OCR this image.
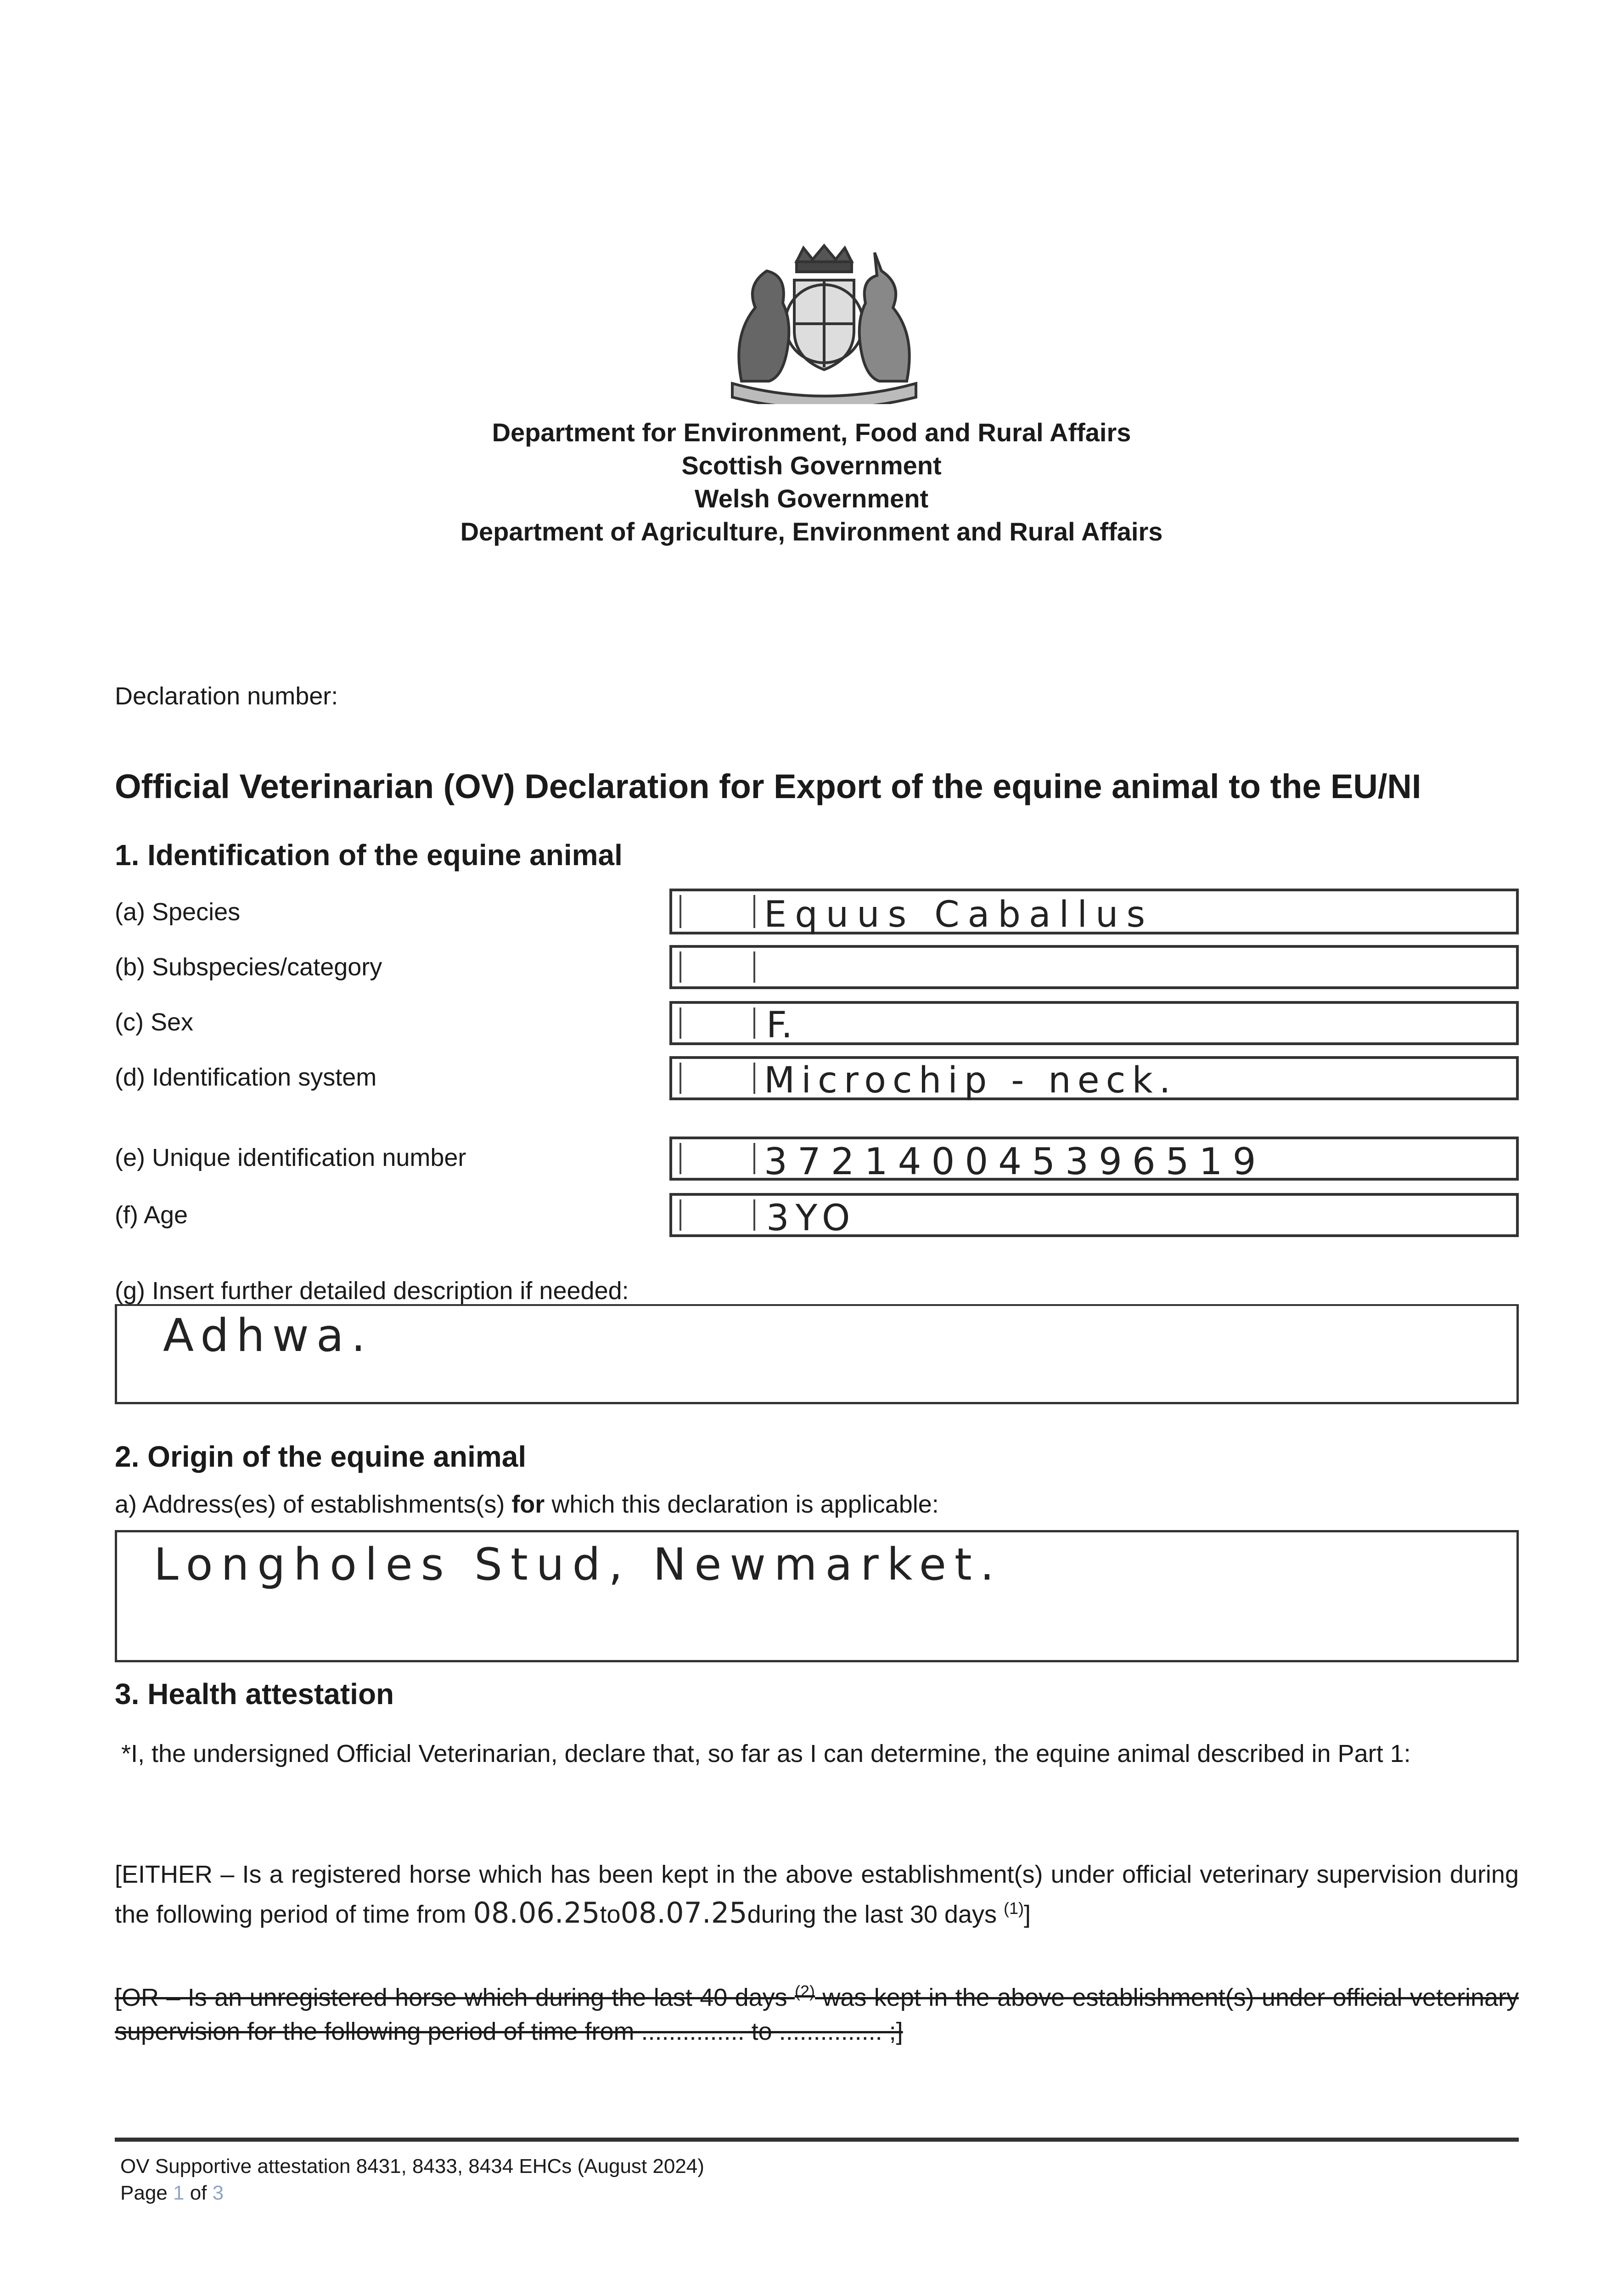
Department for Environment, Food and Rural Affairs
Scottish Government
Welsh Government
Department of Agriculture, Environment and Rural Affairs
Declaration number:
Official Veterinarian (OV) Declaration for Export of the equine animal to the EU/NI
1. Identification of the equine animal
(a) Species	Equus Caballus
(b) Subspecies/category
(c) Sex	F.
(d) Identification system	Microchip - neck.
(e) Unique identification number	372140045396519
(f) Age	3YO
(g) Insert further detailed description if needed:
Adhwa.
2. Origin of the equine animal
a) Address(es) of establishments(s) for which this declaration is applicable:
Longholes Stud, Newmarket.
3. Health attestation
*I, the undersigned Official Veterinarian, declare that, so far as I can determine, the equine animal described in Part 1:
[EITHER – Is a registered horse which has been kept in the above establishment(s) under official veterinary supervision during the following period of time from 08.06.25to08.07.25during the last 30 days $^{(1)}$]
[OR – Is an unregistered horse which during the last 40 days $^{(2)}$ was kept in the above establishment(s) under official veterinary supervision for the following period of time from ............... to ............... ;]
OV Supportive attestation 8431, 8433, 8434 EHCs (August 2024)
Page 1 of 3
